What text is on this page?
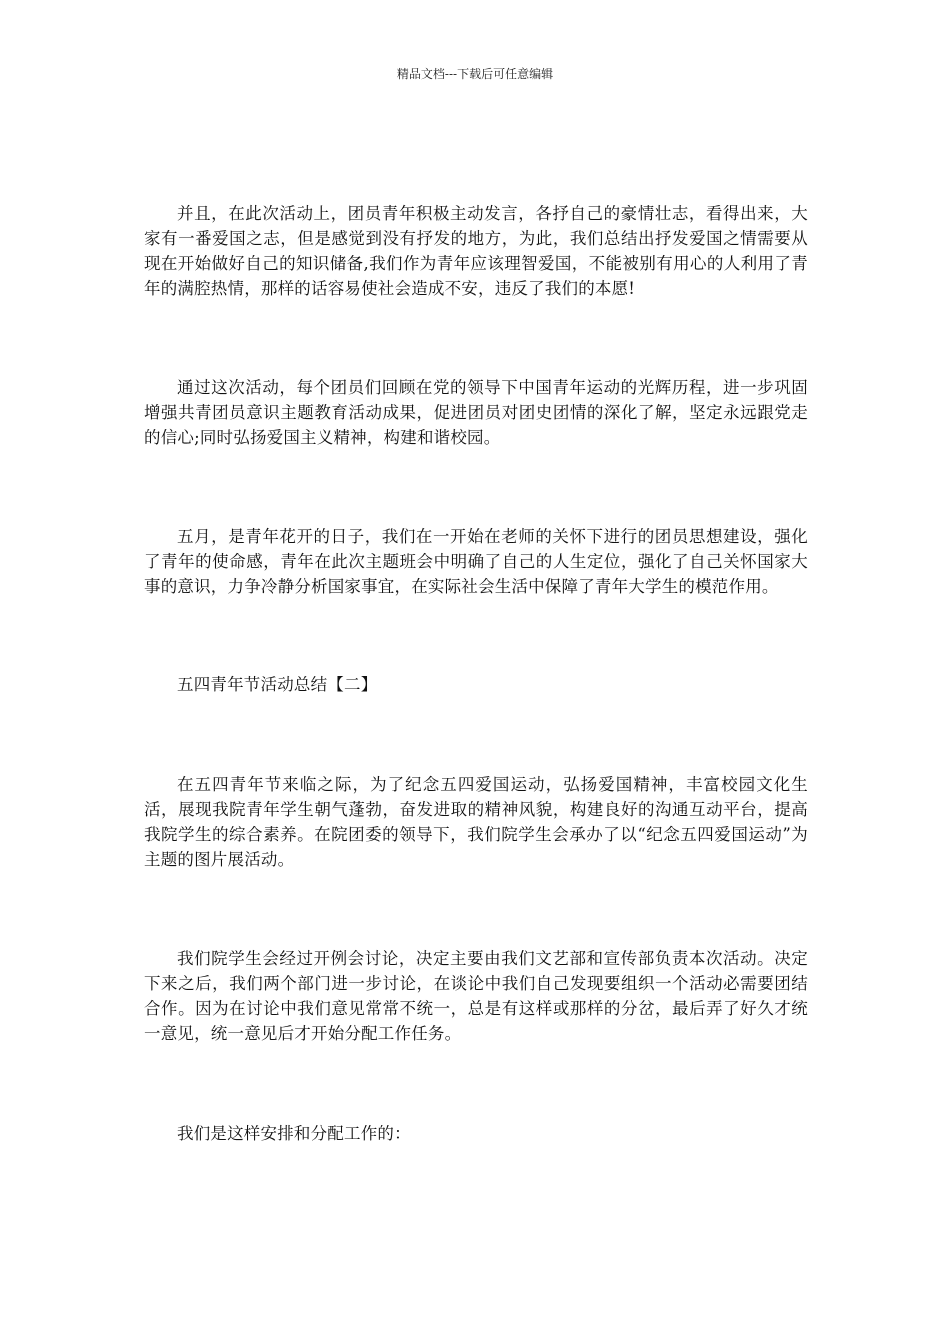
精品文档---下载后可任意编辑

并且，在此次活动上，团员青年积极主动发言，各抒自己的豪情壮志，看得出来，大家有一番爱国之志，但是感觉到没有抒发的地方，为此，我们总结出抒发爱国之情需要从现在开始做好自己的知识储备,我们作为青年应该理智爱国，不能被别有用心的人利用了青年的满腔热情，那样的话容易使社会造成不安，违反了我们的本愿!

通过这次活动，每个团员们回顾在党的领导下中国青年运动的光辉历程，进一步巩固增强共青团员意识主题教育活动成果，促进团员对团史团情的深化了解，坚定永远跟党走的信心;同时弘扬爱国主义精神，构建和谐校园。

五月，是青年花开的日子，我们在一开始在老师的关怀下进行的团员思想建设，强化了青年的使命感，青年在此次主题班会中明确了自己的人生定位，强化了自己关怀国家大事的意识，力争冷静分析国家事宜，在实际社会生活中保障了青年大学生的模范作用。

五四青年节活动总结【二】

在五四青年节来临之际，为了纪念五四爱国运动，弘扬爱国精神，丰富校园文化生活，展现我院青年学生朝气蓬勃，奋发进取的精神风貌，构建良好的沟通互动平台，提高我院学生的综合素养。在院团委的领导下，我们院学生会承办了以“纪念五四爱国运动”为主题的图片展活动。

我们院学生会经过开例会讨论，决定主要由我们文艺部和宣传部负责本次活动。决定下来之后，我们两个部门进一步讨论，在谈论中我们自己发现要组织一个活动必需要团结合作。因为在讨论中我们意见常常不统一，总是有这样或那样的分岔，最后弄了好久才统一意见，统一意见后才开始分配工作任务。

我们是这样安排和分配工作的：
